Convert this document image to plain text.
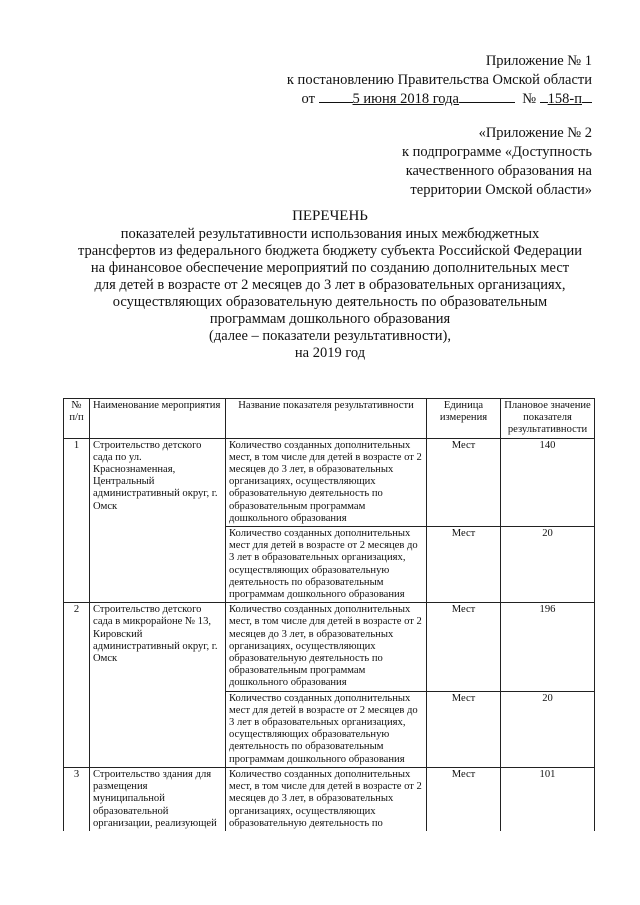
Приложение № 1
к постановлению Правительства Омской области
от	5 июня 2018 года	№ 158-п
«Приложение № 2
к подпрограмме «Доступность
качественного образования на
территории Омской области»
ПЕРЕЧЕНЬ
показателей результативности использования иных межбюджетных
трансфертов из федерального бюджета бюджету субъекта Российской Федерации
на финансовое обеспечение мероприятий по созданию дополнительных мест
для детей в возрасте от 2 месяцев до 3 лет в образовательных организациях,
осуществляющих образовательную деятельность по образовательным
программам дошкольного образования
(далее – показатели результативности),
на 2019 год
№ п/п	Наименование мероприятия	Название показателя результативности	Единица измерения	Плановое значение показателя результативности
1	Строительство детского сада по ул. Краснознаменная, Центральный административный округ, г. Омск	Количество созданных дополнительных мест, в том числе для детей в возрасте от 2 месяцев до 3 лет, в образовательных организациях, осуществляющих образовательную деятельность по образовательным программам дошкольного образования	Мест	140
		Количество созданных дополнительных мест для детей в возрасте от 2 месяцев до 3 лет в образовательных организациях, осуществляющих образовательную деятельность по образовательным программам дошкольного образования	Мест	20
2	Строительство детского сада в микрорайоне № 13, Кировский административный округ, г. Омск	Количество созданных дополнительных мест, в том числе для детей в возрасте от 2 месяцев до 3 лет, в образовательных организациях, осуществляющих образовательную деятельность по образовательным программам дошкольного образования	Мест	196
		Количество созданных дополнительных мест для детей в возрасте от 2 месяцев до 3 лет в образовательных организациях, осуществляющих образовательную деятельность по образовательным программам дошкольного образования	Мест	20
3	Строительство здания для размещения муниципальной образовательной организации, реализующей	Количество созданных дополнительных мест, в том числе для детей в возрасте от 2 месяцев до 3 лет, в образовательных организациях, осуществляющих образовательную деятельность по	Мест	101
